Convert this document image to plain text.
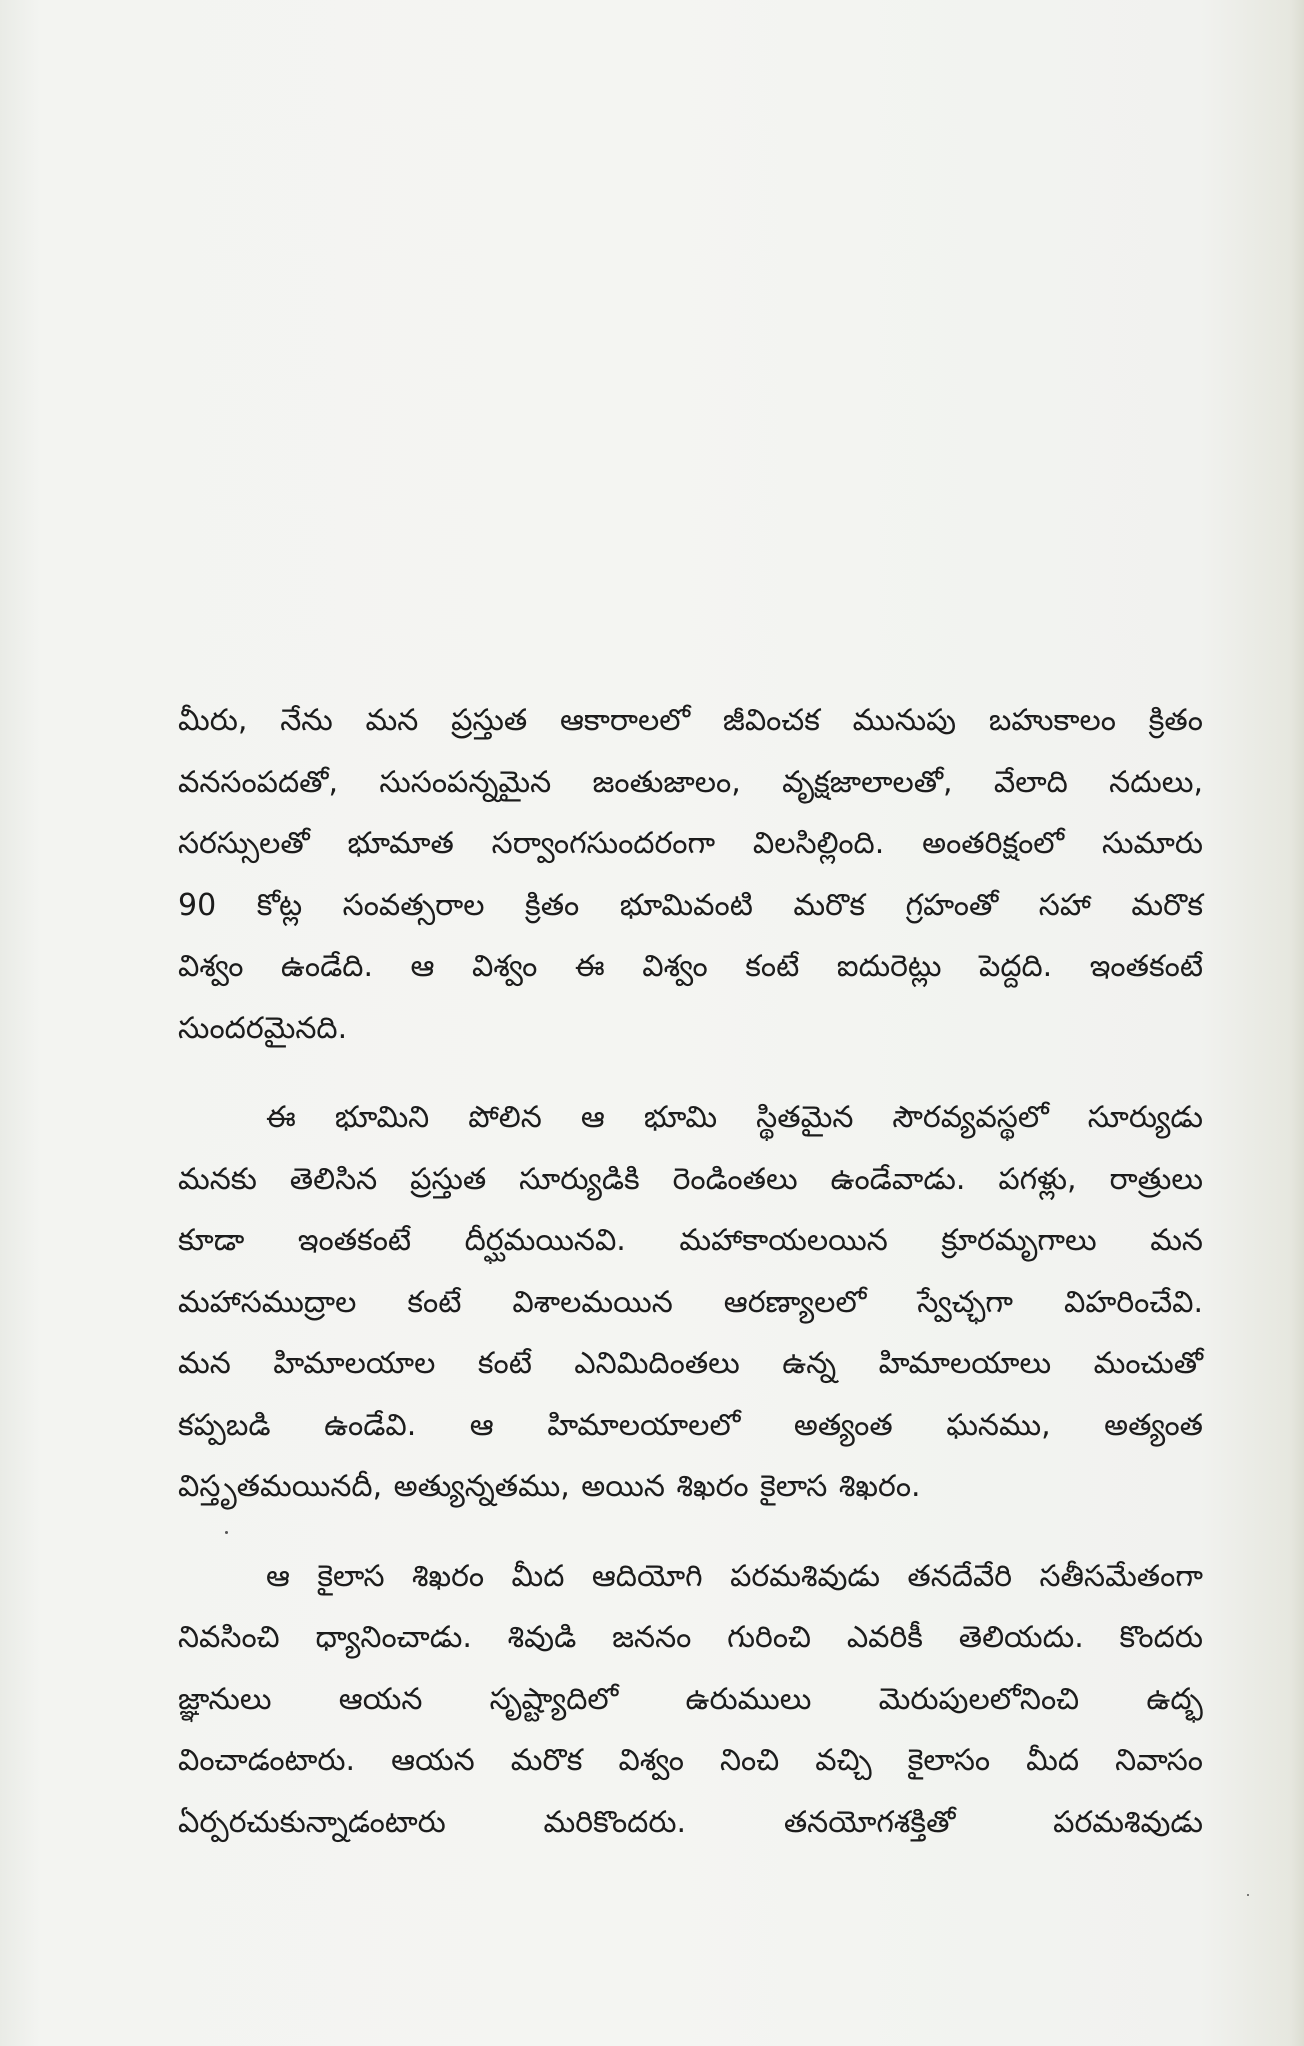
మీరు, నేను మన ప్రస్తుత ఆకారాలలో జీవించక మునుపు బహుకాలం క్రితం
వనసంపదతో, సుసంపన్నమైన జంతుజాలం, వృక్షజాలాలతో, వేలాది నదులు,
సరస్సులతో భూమాత సర్వాంగసుందరంగా విలసిల్లింది. అంతరిక్షంలో సుమారు
90 కోట్ల సంవత్సరాల క్రితం భూమివంటి మరొక గ్రహంతో సహా మరొక
విశ్వం ఉండేది. ఆ విశ్వం ఈ విశ్వం కంటే ఐదురెట్లు పెద్దది. ఇంతకంటే
సుందరమైనది.
ఈ భూమిని పోలిన ఆ భూమి స్థితమైన సౌరవ్యవస్థలో సూర్యుడు
మనకు తెలిసిన ప్రస్తుత సూర్యుడికి రెండింతలు ఉండేవాడు. పగళ్లు, రాత్రులు
కూడా ఇంతకంటే దీర్ఘమయినవి. మహాకాయలయిన క్రూరమృగాలు మన
మహాసముద్రాల కంటే విశాలమయిన ఆరణ్యాలలో స్వేచ్ఛగా విహరించేవి.
మన హిమాలయాల కంటే ఎనిమిదింతలు ఉన్న హిమాలయాలు మంచుతో
కప్పబడి ఉండేవి. ఆ హిమాలయాలలో అత్యంత ఘనము, అత్యంత
విస్తృతమయినదీ, అత్యున్నతము, అయిన శిఖరం కైలాస శిఖరం.
ఆ కైలాస శిఖరం మీద ఆదియోగి పరమశివుడు తనదేవేరి సతీసమేతంగా
నివసించి ధ్యానించాడు. శివుడి జననం గురించి ఎవరికీ తెలియదు. కొందరు
జ్ఞానులు ఆయన సృష్ట్యాదిలో ఉరుములు మెరుపులలోనించి ఉద్భ
వించాడంటారు. ఆయన మరొక విశ్వం నించి వచ్చి కైలాసం మీద నివాసం
ఏర్పరచుకున్నాడంటారు మరికొందరు. తనయోగశక్తితో పరమశివుడు
